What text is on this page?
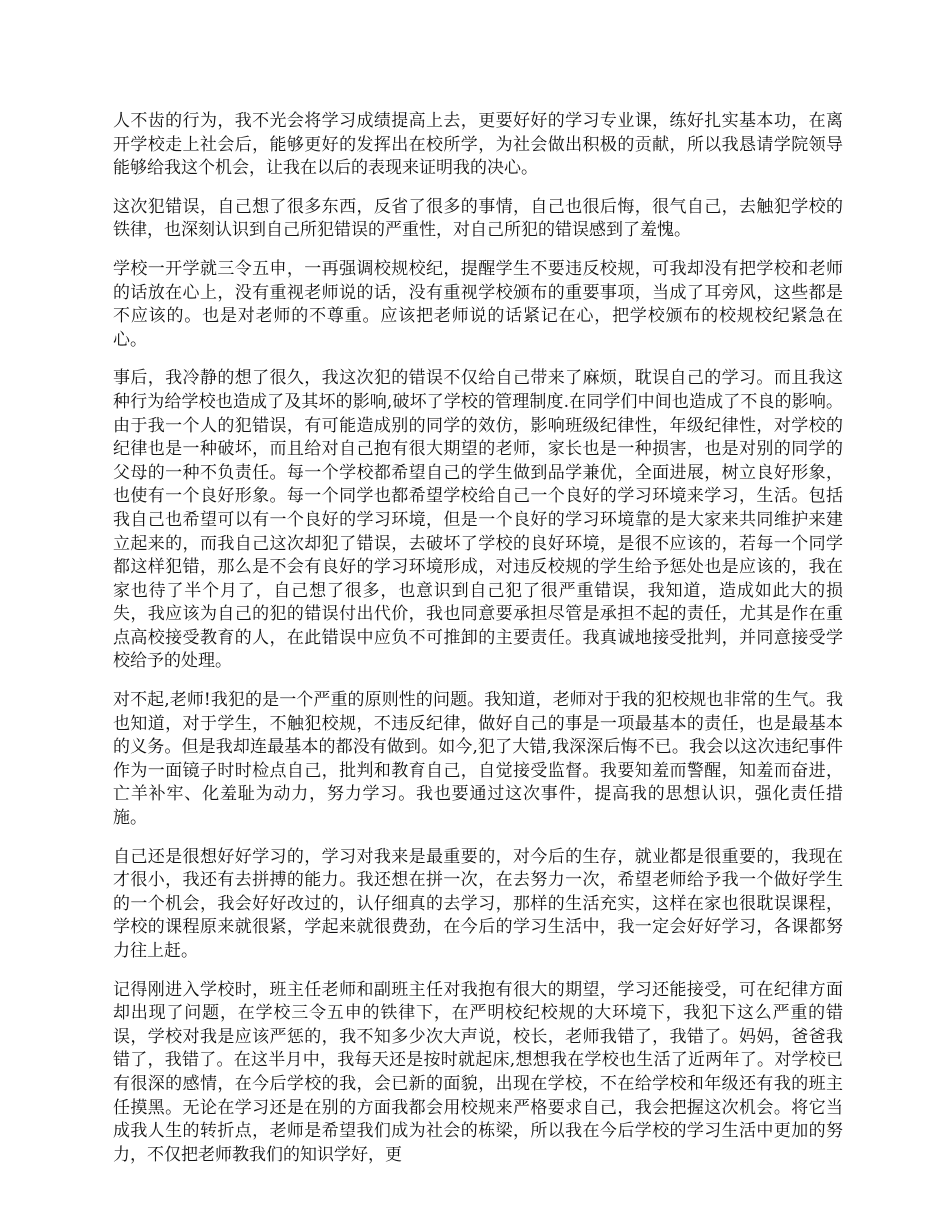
人不齿的行为，我不光会将学习成绩提高上去，更要好好的学习专业课，练好扎实基本功，在离开学校走上社会后，能够更好的发挥出在校所学，为社会做出积极的贡献，所以我恳请学院领导能够给我这个机会，让我在以后的表现来证明我的决心。

这次犯错误，自己想了很多东西，反省了很多的事情，自己也很后悔，很气自己，去触犯学校的铁律，也深刻认识到自己所犯错误的严重性，对自己所犯的错误感到了羞愧。

学校一开学就三令五申，一再强调校规校纪，提醒学生不要违反校规，可我却没有把学校和老师的话放在心上，没有重视老师说的话，没有重视学校颁布的重要事项，当成了耳旁风，这些都是不应该的。也是对老师的不尊重。应该把老师说的话紧记在心，把学校颁布的校规校纪紧急在心。

事后，我冷静的想了很久，我这次犯的错误不仅给自己带来了麻烦，耽误自己的学习。而且我这种行为给学校也造成了及其坏的影响,破坏了学校的管理制度.在同学们中间也造成了不良的影响。由于我一个人的犯错误，有可能造成别的同学的效仿，影响班级纪律性，年级纪律性，对学校的纪律也是一种破坏，而且给对自己抱有很大期望的老师，家长也是一种损害，也是对别的同学的父母的一种不负责任。每一个学校都希望自己的学生做到品学兼优，全面进展，树立良好形象，也使有一个良好形象。每一个同学也都希望学校给自己一个良好的学习环境来学习，生活。包括我自己也希望可以有一个良好的学习环境，但是一个良好的学习环境靠的是大家来共同维护来建立起来的，而我自己这次却犯了错误，去破坏了学校的良好环境，是很不应该的，若每一个同学都这样犯错，那么是不会有良好的学习环境形成，对违反校规的学生给予惩处也是应该的，我在家也待了半个月了，自己想了很多，也意识到自己犯了很严重错误，我知道，造成如此大的损失，我应该为自己的犯的错误付出代价，我也同意要承担尽管是承担不起的责任，尤其是作在重点高校接受教育的人，在此错误中应负不可推卸的主要责任。我真诚地接受批判，并同意接受学校给予的处理。

对不起,老师!我犯的是一个严重的原则性的问题。我知道，老师对于我的犯校规也非常的生气。我也知道，对于学生，不触犯校规，不违反纪律，做好自己的事是一项最基本的责任，也是最基本的义务。但是我却连最基本的都没有做到。如今,犯了大错,我深深后悔不已。我会以这次违纪事件作为一面镜子时时检点自己，批判和教育自己，自觉接受监督。我要知羞而警醒，知羞而奋进，亡羊补牢、化羞耻为动力，努力学习。我也要通过这次事件，提高我的思想认识，强化责任措施。

自己还是很想好好学习的，学习对我来是最重要的，对今后的生存，就业都是很重要的，我现在才很小，我还有去拼搏的能力。我还想在拼一次，在去努力一次，希望老师给予我一个做好学生的一个机会，我会好好改过的，认仔细真的去学习，那样的生活充实，这样在家也很耽误课程，学校的课程原来就很紧，学起来就很费劲，在今后的学习生活中，我一定会好好学习，各课都努力往上赶。

记得刚进入学校时，班主任老师和副班主任对我抱有很大的期望，学习还能接受，可在纪律方面却出现了问题，在学校三令五申的铁律下，在严明校纪校规的大环境下，我犯下这么严重的错误，学校对我是应该严惩的，我不知多少次大声说，校长，老师我错了，我错了。妈妈，爸爸我错了，我错了。在这半月中，我每天还是按时就起床,想想我在学校也生活了近两年了。对学校已有很深的感情，在今后学校的我，会已新的面貌，出现在学校，不在给学校和年级还有我的班主任摸黑。无论在学习还是在别的方面我都会用校规来严格要求自己，我会把握这次机会。将它当成我人生的转折点，老师是希望我们成为社会的栋梁，所以我在今后学校的学习生活中更加的努力，不仅把老师教我们的知识学好，更
